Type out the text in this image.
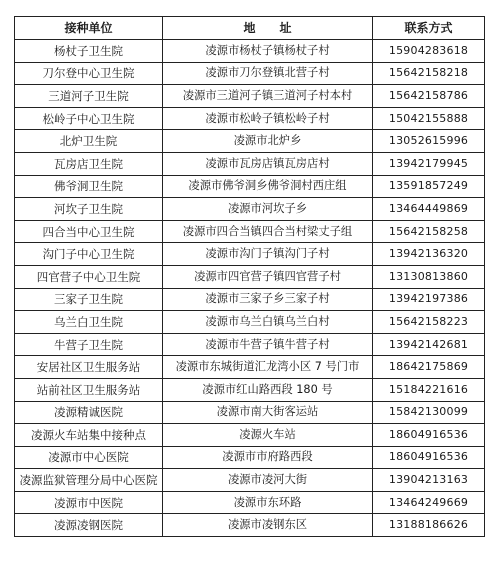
接种单位	地　　址	联系方式
杨杖子卫生院	凌源市杨杖子镇杨杖子村	15904283618
刀尔登中心卫生院	凌源市刀尔登镇北营子村	15642158218
三道河子卫生院	凌源市三道河子镇三道河子村本村	15642158786
松岭子中心卫生院	凌源市松岭子镇松岭子村	15042155888
北炉卫生院	凌源市北炉乡	13052615996
瓦房店卫生院	凌源市瓦房店镇瓦房店村	13942179945
佛爷洞卫生院	凌源市佛爷洞乡佛爷洞村西庄组	13591857249
河坎子卫生院	凌源市河坎子乡	13464449869
四合当中心卫生院	凌源市四合当镇四合当村梁丈子组	15642158258
沟门子中心卫生院	凌源市沟门子镇沟门子村	13942136320
四官营子中心卫生院	凌源市四官营子镇四官营子村	13130813860
三家子卫生院	凌源市三家子乡三家子村	13942197386
乌兰白卫生院	凌源市乌兰白镇乌兰白村	15642158223
牛营子卫生院	凌源市牛营子镇牛营子村	13942142681
安居社区卫生服务站	凌源市东城街道汇龙湾小区 7 号门市	18642175869
站前社区卫生服务站	凌源市红山路西段 180 号	15184221616
凌源精诚医院	凌源市南大街客运站	15842130099
凌源火车站集中接种点	凌源火车站	18604916536
凌源市中心医院	凌源市市府路西段	18604916536
凌源监狱管理分局中心医院	凌源市凌河大街	13904213163
凌源市中医院	凌源市东环路	13464249669
凌源凌钢医院	凌源市凌钢东区	13188186626
